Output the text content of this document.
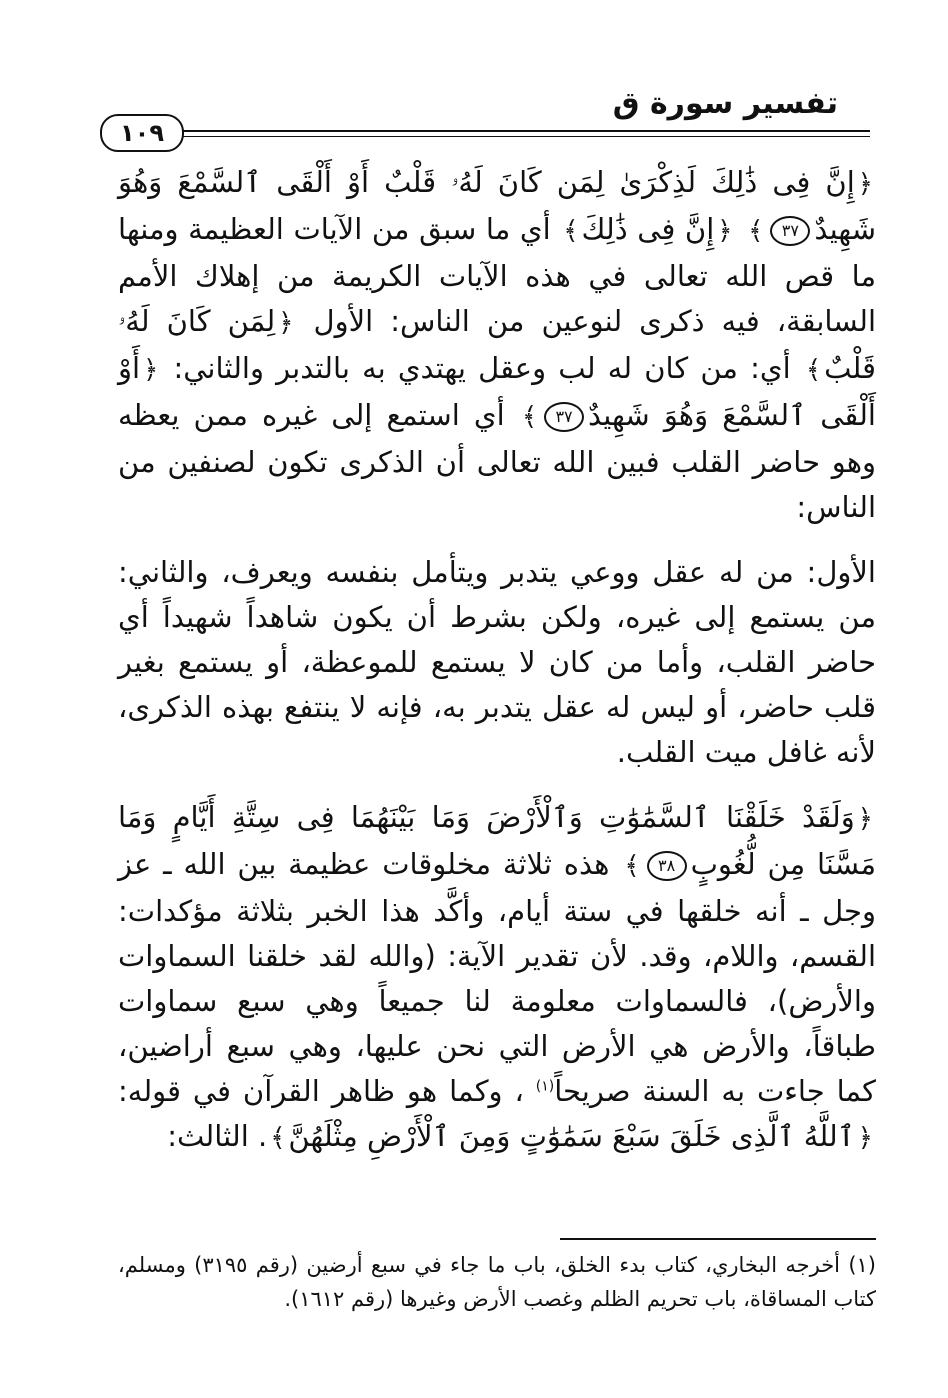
تفسير سورة ق
١٠٩

﴿إِنَّ فِى ذَٰلِكَ لَذِكْرَىٰ لِمَن كَانَ لَهُۥ قَلْبٌ أَوْ أَلْقَى ٱلسَّمْعَ وَهُوَ شَهِيدٌ٣٧﴾ ﴿إِنَّ فِى ذَٰلِكَ﴾ أي ما سبق من الآيات العظيمة ومنها ما قص الله تعالى في هذه الآيات الكريمة من إهلاك الأمم السابقة، فيه ذكرى لنوعين من الناس: الأول ﴿لِمَن كَانَ لَهُۥ قَلْبٌ﴾ أي: من كان له لب وعقل يهتدي به بالتدبر والثاني: ﴿أَوْ أَلْقَى ٱلسَّمْعَ وَهُوَ شَهِيدٌ٣٧﴾ أي استمع إلى غيره ممن يعظه وهو حاضر القلب فبين الله تعالى أن الذكرى تكون لصنفين من الناس:

الأول: من له عقل ووعي يتدبر ويتأمل بنفسه ويعرف، والثاني: من يستمع إلى غيره، ولكن بشرط أن يكون شاهداً شهيداً أي حاضر القلب، وأما من كان لا يستمع للموعظة، أو يستمع بغير قلب حاضر، أو ليس له عقل يتدبر به، فإنه لا ينتفع بهذه الذكرى، لأنه غافل ميت القلب.

﴿وَلَقَدْ خَلَقْنَا ٱلسَّمَٰوَٰتِ وَٱلْأَرْضَ وَمَا بَيْنَهُمَا فِى سِتَّةِ أَيَّامٍ وَمَا مَسَّنَا مِن لُّغُوبٍ٣٨﴾ هذه ثلاثة مخلوقات عظيمة بين الله ـ عز وجل ـ أنه خلقها في ستة أيام، وأكَّد هذا الخبر بثلاثة مؤكدات: القسم، واللام، وقد. لأن تقدير الآية: (والله لقد خلقنا السماوات والأرض)، فالسماوات معلومة لنا جميعاً وهي سبع سماوات طباقاً، والأرض هي الأرض التي نحن عليها، وهي سبع أراضين، كما جاءت به السنة صريحاً$^{(١)}$ ، وكما هو ظاهر القرآن في قوله: ﴿ٱللَّهُ ٱلَّذِى خَلَقَ سَبْعَ سَمَٰوَٰتٍ وَمِنَ ٱلْأَرْضِ مِثْلَهُنَّ﴾. الثالث:

(١) أخرجه البخاري، كتاب بدء الخلق، باب ما جاء في سبع أرضين (رقم ٣١٩٥) ومسلم، كتاب المساقاة، باب تحريم الظلم وغصب الأرض وغيرها (رقم ١٦١٢).
